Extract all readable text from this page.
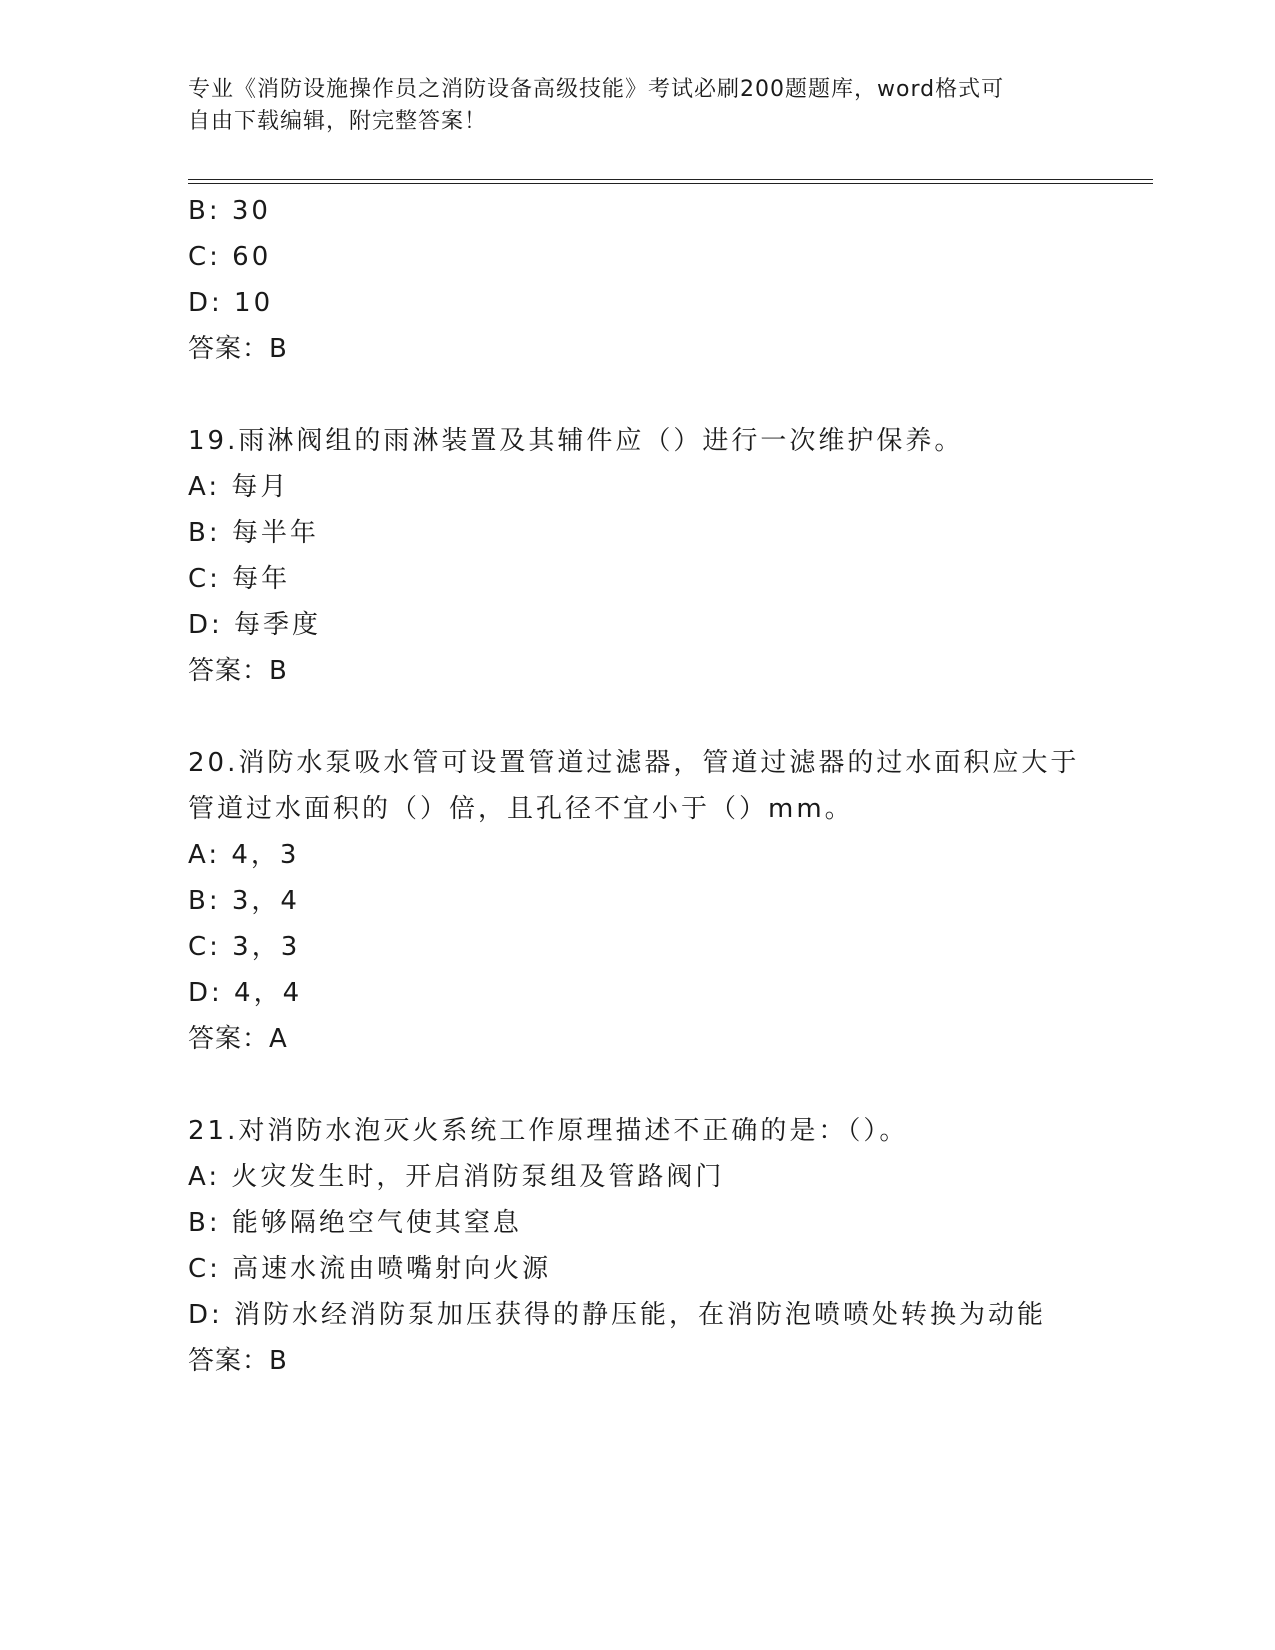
专业《消防设施操作员之消防设备高级技能》考试必刷200题题库，word格式可
自由下载编辑，附完整答案！
B: 30
C: 60
D: 10
答案：B
19.雨淋阀组的雨淋装置及其辅件应（）进行一次维护保养。
A: 每月
B: 每半年
C: 每年
D: 每季度
答案：B
20.消防水泵吸水管可设置管道过滤器，管道过滤器的过水面积应大于
管道过水面积的（）倍，且孔径不宜小于（）mm。
A: 4，3
B: 3，4
C: 3，3
D: 4，4
答案：A
21.对消防水泡灭火系统工作原理描述不正确的是：（）。
A: 火灾发生时，开启消防泵组及管路阀门
B: 能够隔绝空气使其窒息
C: 高速水流由喷嘴射向火源
D: 消防水经消防泵加压获得的静压能，在消防泡喷喷处转换为动能
答案：B
